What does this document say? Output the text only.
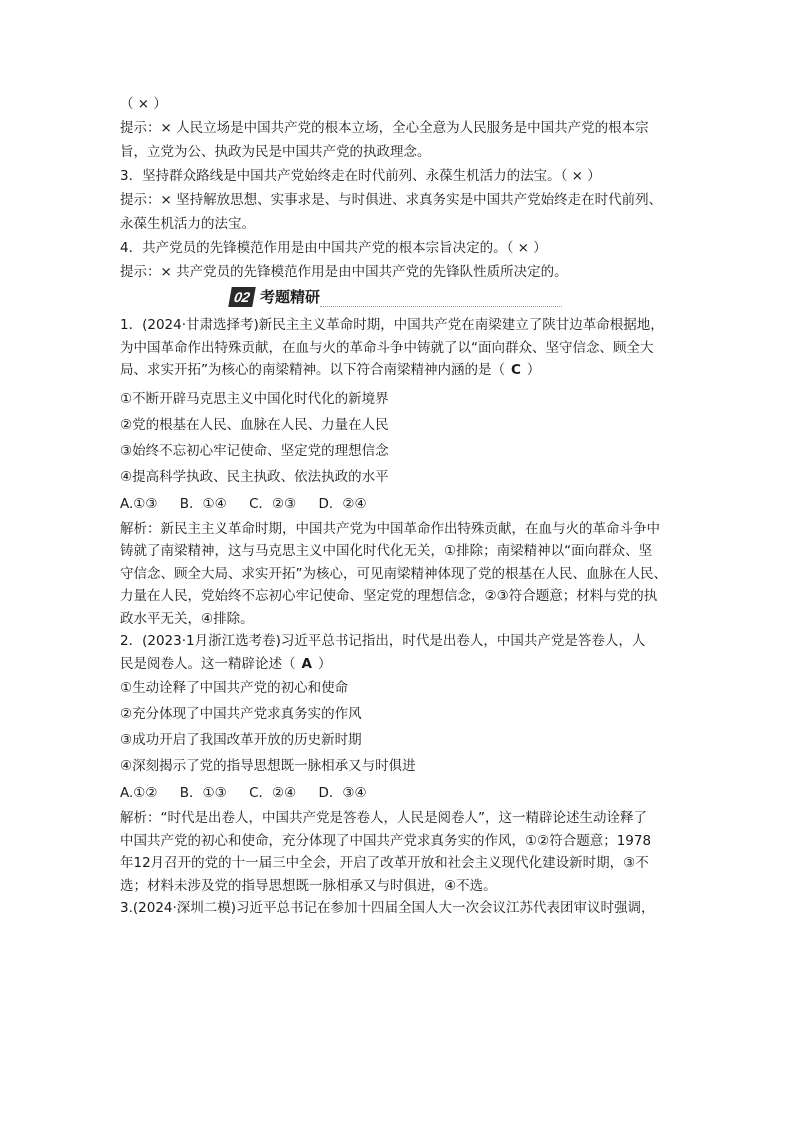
（ × ）

提示：× 人民立场是中国共产党的根本立场，全心全意为人民服务是中国共产党的根本宗

旨，立党为公、执政为民是中国共产党的执政理念。

3．坚持群众路线是中国共产党始终走在时代前列、永葆生机活力的法宝。（ × ）

提示：× 坚持解放思想、实事求是、与时俱进、求真务实是中国共产党始终走在时代前列、

永葆生机活力的法宝。

4．共产党员的先锋模范作用是由中国共产党的根本宗旨决定的。（ × ）

提示：× 共产党员的先锋模范作用是由中国共产党的先锋队性质所决定的。

02 考题精研

1．(2024·甘肃选择考)新民主主义革命时期，中国共产党在南梁建立了陕甘边革命根据地，

为中国革命作出特殊贡献，在血与火的革命斗争中铸就了以“面向群众、坚守信念、顾全大

局、求实开拓”为核心的南梁精神。以下符合南梁精神内涵的是（ C ）

①不断开辟马克思主义中国化时代化的新境界

②党的根基在人民、血脉在人民、力量在人民

③始终不忘初心牢记使命、坚定党的理想信念

④提高科学执政、民主执政、依法执政的水平

A.①③ B．①④ C．②③ D．②④

解析：新民主主义革命时期，中国共产党为中国革命作出特殊贡献，在血与火的革命斗争中

铸就了南梁精神，这与马克思主义中国化时代化无关，①排除；南梁精神以“面向群众、坚

守信念、顾全大局、求实开拓”为核心，可见南梁精神体现了党的根基在人民、血脉在人民、

力量在人民，党始终不忘初心牢记使命、坚定党的理想信念，②③符合题意；材料与党的执

政水平无关，④排除。

2．(2023·1月浙江选考卷)习近平总书记指出，时代是出卷人，中国共产党是答卷人，人

民是阅卷人。这一精辟论述（ A ）

①生动诠释了中国共产党的初心和使命

②充分体现了中国共产党求真务实的作风

③成功开启了我国改革开放的历史新时期

④深刻揭示了党的指导思想既一脉相承又与时俱进

A.①② B．①③ C．②④ D．③④

解析：“时代是出卷人，中国共产党是答卷人，人民是阅卷人”，这一精辟论述生动诠释了

中国共产党的初心和使命，充分体现了中国共产党求真务实的作风，①②符合题意；1978

年12月召开的党的十一届三中全会，开启了改革开放和社会主义现代化建设新时期，③不

选；材料未涉及党的指导思想既一脉相承又与时俱进，④不选。

3.(2024·深圳二模)习近平总书记在参加十四届全国人大一次会议江苏代表团审议时强调，
